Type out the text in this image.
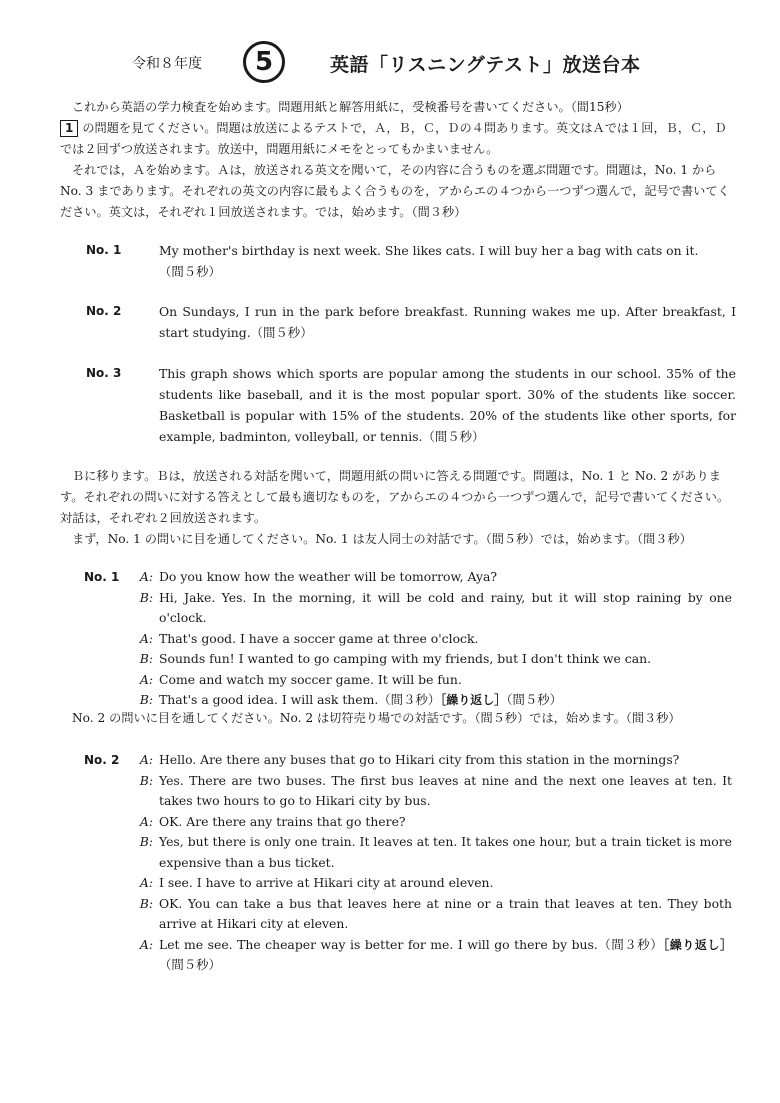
令和８年度	5	英語「リスニングテスト」放送台本

これから英語の学力検査を始めます。問題用紙と解答用紙に，受検番号を書いてください。（間15秒）

1 の問題を見てください。問題は放送によるテストで，Ａ，Ｂ，Ｃ，Ｄの４問あります。英文はＡでは１回，Ｂ，Ｃ，Ｄでは２回ずつ放送されます。放送中，問題用紙にメモをとってもかまいません。

それでは，Ａを始めます。Ａは，放送される英文を聞いて，その内容に合うものを選ぶ問題です。問題は，No. 1 から No. 3 まであります。それぞれの英文の内容に最もよく合うものを，アからエの４つから一つずつ選んで，記号で書いてください。英文は，それぞれ１回放送されます。では，始めます。（間３秒）

No. 1	My mother's birthday is next week. She likes cats. I will buy her a bag with cats on it.
（間５秒）
No. 2	On Sundays, I run in the park before breakfast. Running wakes me up. After breakfast, I start studying.（間５秒）
No. 3	This graph shows which sports are popular among the students in our school. 35% of the students like baseball, and it is the most popular sport. 30% of the students like soccer. Basketball is popular with 15% of the students. 20% of the students like other sports, for example, badminton, volleyball, or tennis.（間５秒）

Ｂに移ります。Ｂは，放送される対話を聞いて，問題用紙の問いに答える問題です。問題は，No. 1 と No. 2 があります。それぞれの問いに対する答えとして最も適切なものを，アからエの４つから一つずつ選んで，記号で書いてください。対話は，それぞれ２回放送されます。

まず，No. 1 の問いに目を通してください。No. 1 は友人同士の対話です。（間５秒）では，始めます。（間３秒）

No. 1	A: Do you know how the weather will be tomorrow, Aya?
B: Hi, Jake. Yes. In the morning, it will be cold and rainy, but it will stop raining by one o'clock.
A: That's good. I have a soccer game at three o'clock.
B: Sounds fun! I wanted to go camping with my friends, but I don't think we can.
A: Come and watch my soccer game. It will be fun.
B: That's a good idea. I will ask them.（間３秒）［繰り返し］（間５秒）

No. 2 の問いに目を通してください。No. 2 は切符売り場での対話です。（間５秒）では，始めます。（間３秒）

No. 2	A: Hello. Are there any buses that go to Hikari city from this station in the mornings?
B: Yes. There are two buses. The first bus leaves at nine and the next one leaves at ten. It takes two hours to go to Hikari city by bus.
A: OK. Are there any trains that go there?
B: Yes, but there is only one train. It leaves at ten. It takes one hour, but a train ticket is more expensive than a bus ticket.
A: I see. I have to arrive at Hikari city at around eleven.
B: OK. You can take a bus that leaves here at nine or a train that leaves at ten. They both arrive at Hikari city at eleven.
A: Let me see. The cheaper way is better for me. I will go there by bus.（間３秒）［繰り返し］（間５秒）
